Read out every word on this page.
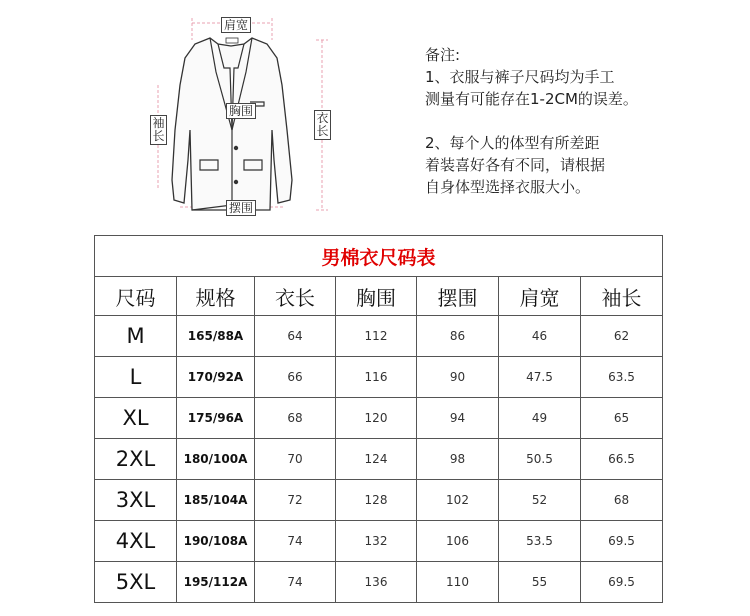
肩宽
胸围
摆围
衣长
袖长
备注:
1、衣服与裤子尺码均为手工
测量有可能存在1-2CM的误差。
2、每个人的体型有所差距
着装喜好各有不同，请根据
自身体型选择衣服大小。
男棉衣尺码表						
尺码	规格	衣长	胸围	摆围	肩宽	袖长
M	165/88A	64	112	86	46	62
L	170/92A	66	116	90	47.5	63.5
XL	175/96A	68	120	94	49	65
2XL	180/100A	70	124	98	50.5	66.5
3XL	185/104A	72	128	102	52	68
4XL	190/108A	74	132	106	53.5	69.5
5XL	195/112A	74	136	110	55	69.5
